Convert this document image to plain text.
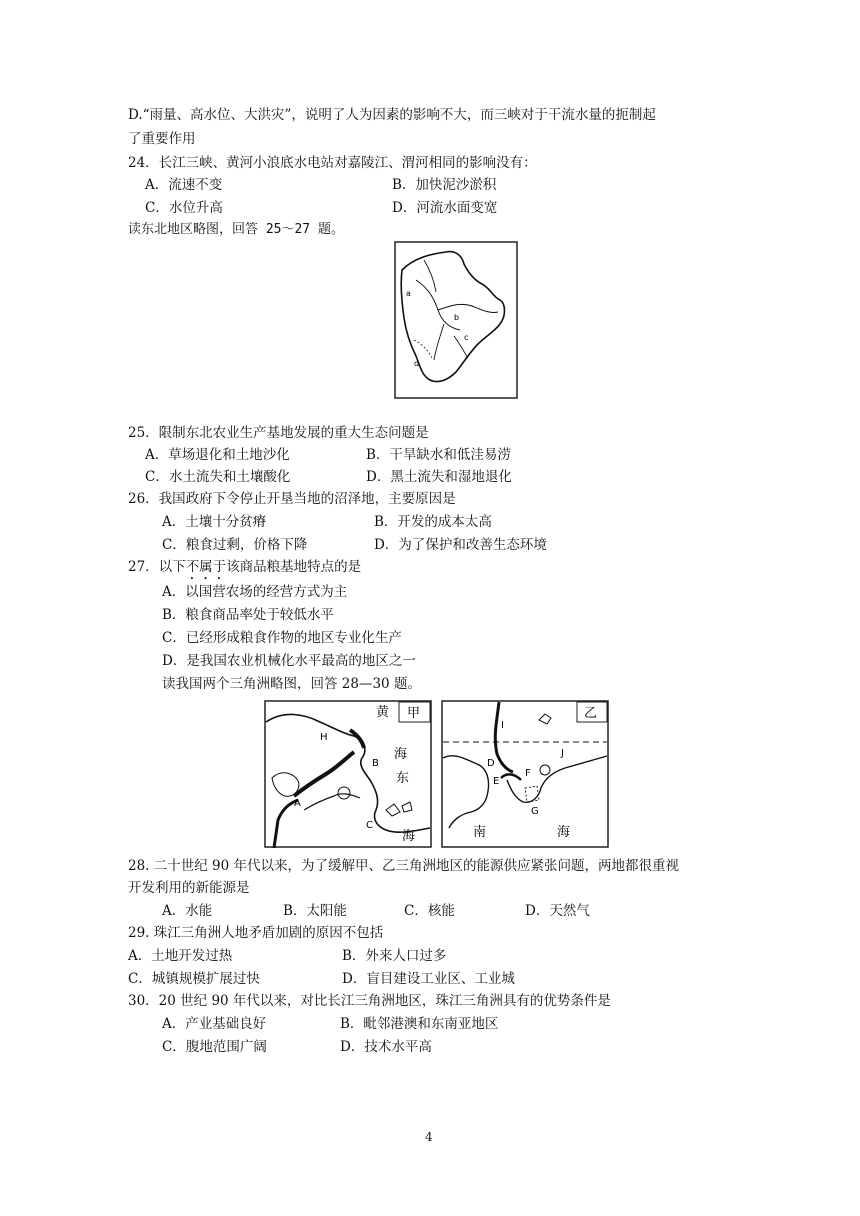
D.“雨量、高水位、大洪灾”，说明了人为因素的影响不大，而三峡对于干流水量的扼制起
了重要作用
24．长江三峡、黄河小浪底水电站对嘉陵江、渭河相同的影响没有：
A．流速不变	B．加快泥沙淤积
C．水位升高	D．河流水面变宽
读东北地区略图，回答 25～27 题。
a
b
c
d
25．限制东北农业生产基地发展的重大生态问题是
A．草场退化和土地沙化	B．干旱缺水和低洼易涝
C．水土流失和土壤酸化	D．黑土流失和湿地退化
26．我国政府下令停止开垦当地的沼泽地，主要原因是
A．土壤十分贫瘠	B．开发的成本太高
C．粮食过剩，价格下降	D．为了保护和改善生态环境
27．以下不属于该商品粮基地特点的是
A．以国营农场的经营方式为主
B．粮食商品率处于较低水平
C．已经形成粮食作物的地区专业化生产
D．是我国农业机械化水平最高的地区之一
读我国两个三角洲略图，回答 28—30 题。
甲
黄
海
东
海
H
B
A
C
乙
I
D
E
F
G
J
南	海
28. 二十世纪 90 年代以来，为了缓解甲、乙三角洲地区的能源供应紧张问题，两地都很重视
开发利用的新能源是
A．水能	B．太阳能	C．核能	D．天然气
29. 珠江三角洲人地矛盾加剧的原因不包括
A．土地开发过热	B．外来人口过多
C．城镇规模扩展过快	D．盲目建设工业区、工业城
30．20 世纪 90 年代以来，对比长江三角洲地区，珠江三角洲具有的优势条件是
A．产业基础良好	B．毗邻港澳和东南亚地区
C．腹地范围广阔	D．技术水平高
4
